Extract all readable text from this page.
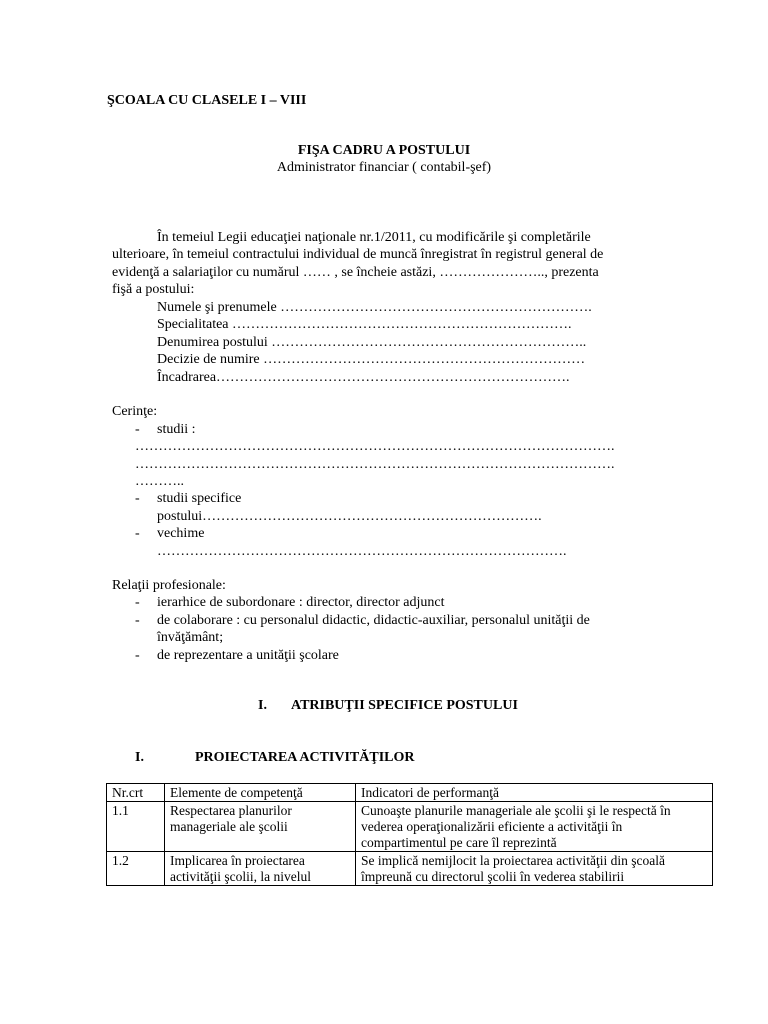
ŞCOALA CU CLASELE I – VIII
FIŞA CADRU A POSTULUI
Administrator financiar ( contabil-şef)
În temeiul Legii educaţiei naţionale nr.1/2011, cu modificările şi completările
ulterioare, în temeiul contractului individual de muncă înregistrat în registrul general de
evidenţă a salariaţilor cu numărul …… , se încheie astăzi, ………………….., prezenta
fişă a postului:
Numele şi prenumele ………………………………………………………….
Specialitatea ……………………………………………………………….
Denumirea postului …………………………………………………………..
Decizie de numire ……………………………………………………………
Încadrarea………………………………………………………………….
Cerinţe:
- studii :
………………………………………………………………………………………….
………………………………………………………………………………………….
………..
- studii specifice
postului……………………………………………………………….
- vechime
…………………………………………………………………………….
Relaţii profesionale:
- ierarhice de subordonare : director, director adjunct
- de colaborare : cu personalul didactic, didactic-auxiliar, personalul unităţii de
învăţământ;
- de reprezentare a unităţii şcolare
I. ATRIBUŢII SPECIFICE POSTULUI
I.	PROIECTAREA ACTIVITĂŢILOR
Nr.crt	Elemente de competenţă	Indicatori de performanţă
1.1	Respectarea planurilor manageriale ale şcolii	Cunoaşte planurile manageriale ale şcolii şi le respectă în vederea operaţionalizării eficiente a activităţii în compartimentul pe care îl reprezintă
1.2	Implicarea în proiectarea activităţii şcolii, la nivelul	Se implică nemijlocit la proiectarea activităţii din şcoală împreună cu directorul şcolii în vederea stabilirii
